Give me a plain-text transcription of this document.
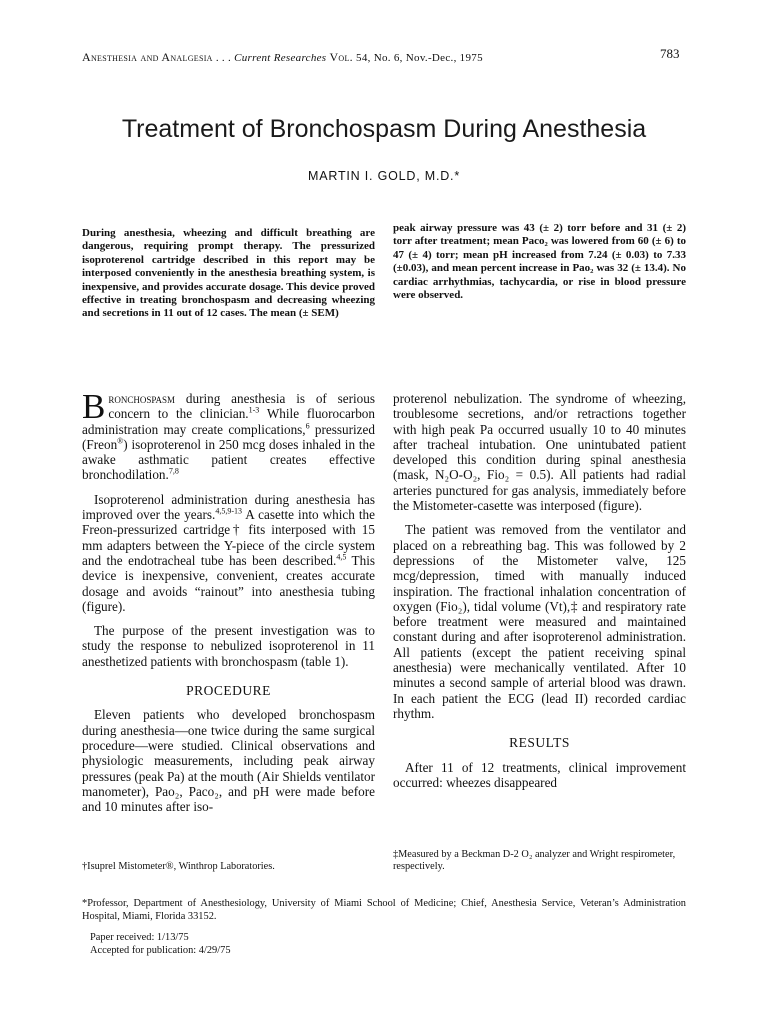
Anesthesia and Analgesia . . . Current Researches Vol. 54, No. 6, Nov.-Dec., 1975	783
Treatment of Bronchospasm During Anesthesia
MARTIN I. GOLD, M.D.*
During anesthesia, wheezing and difficult breathing are dangerous, requiring prompt therapy. The pressurized isoproterenol cartridge described in this report may be interposed conveniently in the anesthesia breathing system, is inexpensive, and provides accurate dosage. This device proved effective in treating bronchospasm and decreasing wheezing and secretions in 11 out of 12 cases. The mean (± SEM)
peak airway pressure was 43 (± 2) torr before and 31 (± 2) torr after treatment; mean Paco₂ was lowered from 60 (± 6) to 47 (± 4) torr; mean pH increased from 7.24 (± 0.03) to 7.33 (±0.03), and mean percent increase in Pao₂ was 32 (± 13.4). No cardiac arrhythmias, tachycardia, or rise in blood pressure were observed.

Bronchospasm during anesthesia is of serious concern to the clinician.$^{1-3}$ While fluorocarbon administration may create complications,$^6$ pressurized (Freon®) isoproterenol in 250 mcg doses inhaled in the awake asthmatic patient creates effective bronchodilation.$^{7,8}$

Isoproterenol administration during anesthesia has improved over the years.$^{4,5,9-13}$ A casette into which the Freon-pressurized cartridge† fits interposed with 15 mm adapters between the Y-piece of the circle system and the endotracheal tube has been described.$^{4,5}$ This device is inexpensive, convenient, creates accurate dosage and avoids “rainout” into anesthesia tubing (figure).

The purpose of the present investigation was to study the response to nebulized isoproterenol in 11 anesthetized patients with bronchospasm (table 1).

PROCEDURE

Eleven patients who developed bronchospasm during anesthesia—one twice during the same surgical procedure—were studied. Clinical observations and physiologic measurements, including peak airway pressures (peak Pa) at the mouth (Air Shields ventilator manometer), Pao₂, Paco₂, and pH were made before and 10 minutes after iso-

proterenol nebulization. The syndrome of wheezing, troublesome secretions, and/or retractions together with high peak Pa occurred usually 10 to 40 minutes after tracheal intubation. One unintubated patient developed this condition during spinal anesthesia (mask, N₂O-O₂, Fio₂ = 0.5). All patients had radial arteries punctured for gas analysis, immediately before the Mistometer-casette was interposed (figure).

The patient was removed from the ventilator and placed on a rebreathing bag. This was followed by 2 depressions of the Mistometer valve, 125 mcg/depression, timed with manually induced inspiration. The fractional inhalation concentration of oxygen (Fio₂), tidal volume (Vt),‡ and respiratory rate before treatment were measured and maintained constant during and after isoproterenol administration. All patients (except the patient receiving spinal anesthesia) were mechanically ventilated. After 10 minutes a second sample of arterial blood was drawn. In each patient the ECG (lead II) recorded cardiac rhythm.

RESULTS

After 11 of 12 treatments, clinical improvement occurred: wheezes disappeared

†Isuprel Mistometer®, Winthrop Laboratories.
‡Measured by a Beckman D-2 O₂ analyzer and Wright respirometer, respectively.
*Professor, Department of Anesthesiology, University of Miami School of Medicine; Chief, Anesthesia Service, Veteran’s Administration Hospital, Miami, Florida 33152.
Paper received: 1/13/75
Accepted for publication: 4/29/75
